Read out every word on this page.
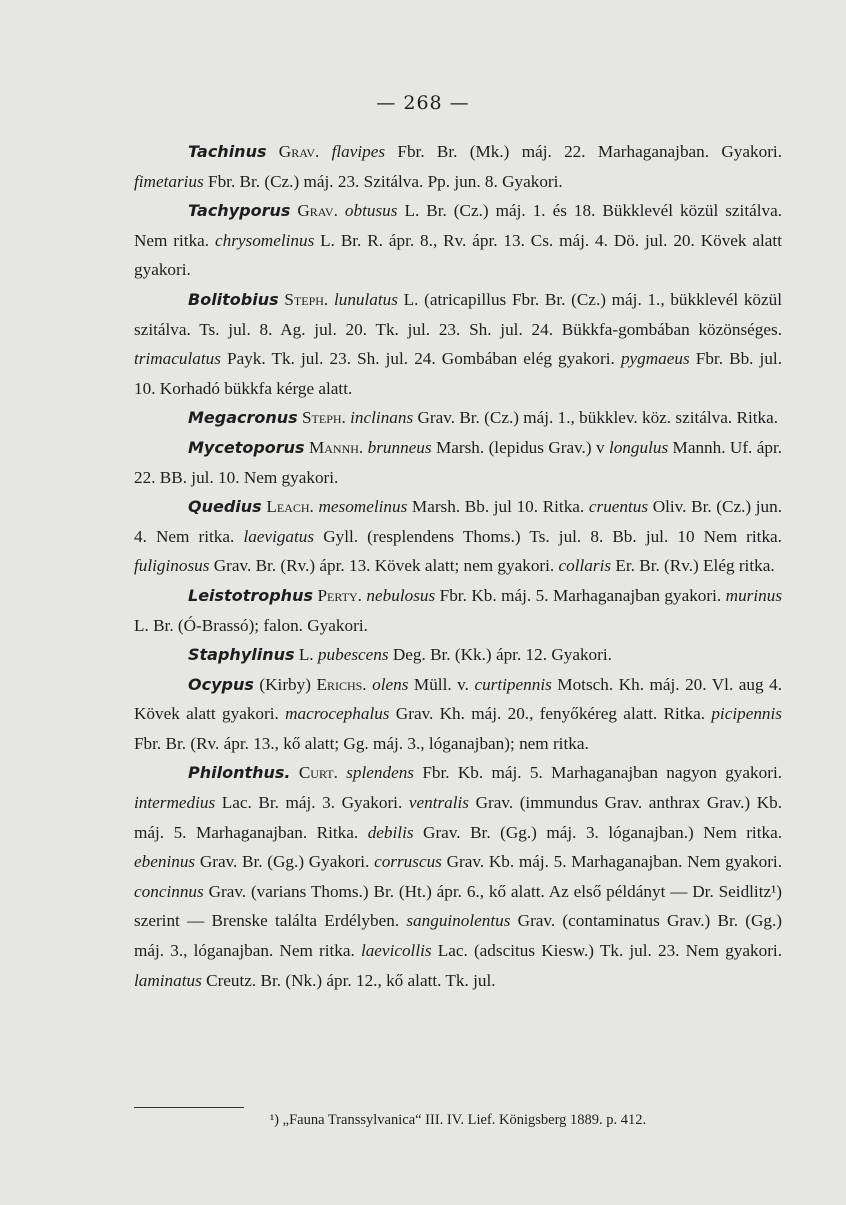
— 268 —

Tachinus Grav. flavipes Fbr. Br. (Mk.) máj. 22. Marhaganajban. Gyakori. fimetarius Fbr. Br. (Cz.) máj. 23. Szitálva. Pp. jun. 8. Gyakori.

Tachyporus Grav. obtusus L. Br. (Cz.) máj. 1. és 18. Bükklevél közül szitálva. Nem ritka. chrysomelinus L. Br. R. ápr. 8., Rv. ápr. 13. Cs. máj. 4. Dö. jul. 20. Kövek alatt gyakori.

Bolitobius Steph. lunulatus L. (atricapillus Fbr. Br. (Cz.) máj. 1., bükklevél közül szitálva. Ts. jul. 8. Ag. jul. 20. Tk. jul. 23. Sh. jul. 24. Bükkfa-gombában közönséges. trimaculatus Payk. Tk. jul. 23. Sh. jul. 24. Gombában elég gyakori. pygmaeus Fbr. Bb. jul. 10. Korhadó bükkfa kérge alatt.

Megacronus Steph. inclinans Grav. Br. (Cz.) máj. 1., bükklev. köz. szitálva. Ritka.

Mycetoporus Mannh. brunneus Marsh. (lepidus Grav.) v longulus Mannh. Uf. ápr. 22. BB. jul. 10. Nem gyakori.

Quedius Leach. mesomelinus Marsh. Bb. jul 10. Ritka. cruentus Oliv. Br. (Cz.) jun. 4. Nem ritka. laevigatus Gyll. (resplendens Thoms.) Ts. jul. 8. Bb. jul. 10 Nem ritka. fuliginosus Grav. Br. (Rv.) ápr. 13. Kövek alatt; nem gyakori. collaris Er. Br. (Rv.) Elég ritka.

Leistotrophus Perty. nebulosus Fbr. Kb. máj. 5. Marhaganajban gyakori. murinus L. Br. (Ó-Brassó); falon. Gyakori.

Staphylinus L. pubescens Deg. Br. (Kk.) ápr. 12. Gyakori.

Ocypus (Kirby) Erichs. olens Müll. v. curtipennis Motsch. Kh. máj. 20. Vl. aug 4. Kövek alatt gyakori. macrocephalus Grav. Kh. máj. 20., fenyőkéreg alatt. Ritka. picipennis Fbr. Br. (Rv. ápr. 13., kő alatt; Gg. máj. 3., lóganajban); nem ritka.

Philonthus. Curt. splendens Fbr. Kb. máj. 5. Marhaganajban nagyon gyakori. intermedius Lac. Br. máj. 3. Gyakori. ventralis Grav. (immundus Grav. anthrax Grav.) Kb. máj. 5. Marhaganajban. Ritka. debilis Grav. Br. (Gg.) máj. 3. lóganajban.) Nem ritka. ebeninus Grav. Br. (Gg.) Gyakori. corruscus Grav. Kb. máj. 5. Marhaganajban. Nem gyakori. concinnus Grav. (varians Thoms.) Br. (Ht.) ápr. 6., kő alatt. Az első példányt — Dr. Seidlitz¹) szerint — Brenske találta Erdélyben. sanguinolentus Grav. (contaminatus Grav.) Br. (Gg.) máj. 3., lóganajban. Nem ritka. laevicollis Lac. (adscitus Kiesw.) Tk. jul. 23. Nem gyakori. laminatus Creutz. Br. (Nk.) ápr. 12., kő alatt. Tk. jul.

¹) „Fauna Transsylvanica“ III. IV. Lief. Königsberg 1889. p. 412.
